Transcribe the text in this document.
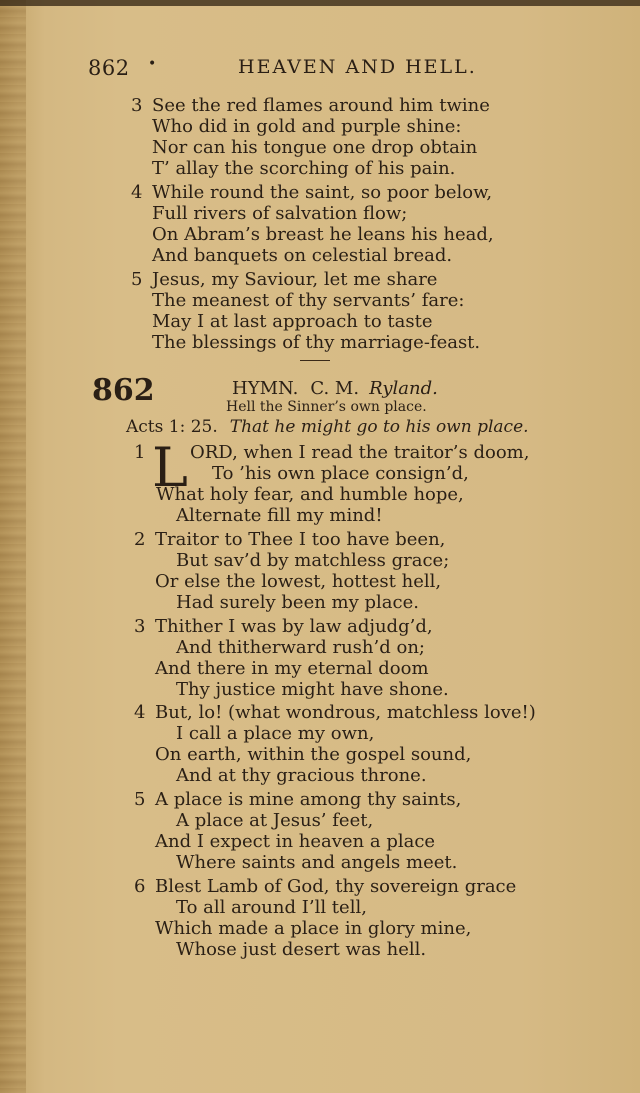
862 •	HEAVEN AND HELL.
3 See the red flames around him twine
Who did in gold and purple shine:
Nor can his tongue one drop obtain
T’ allay the scorching of his pain.
4 While round the saint, so poor below,
Full rivers of salvation flow;
On Abram’s breast he leans his head,
And banquets on celestial bread.
5 Jesus, my Saviour, let me share
The meanest of thy servants’ fare:
May I at last approach to taste
The blessings of thy marriage-feast.
862	HYMN. C. M. Ryland.
Hell the Sinner’s own place.
Acts 1: 25. That he might go to his own place.
1 L ORD, when I read the traitor’s doom,
To ’his own place consign’d,
What holy fear, and humble hope,
Alternate fill my mind!
2 Traitor to Thee I too have been,
But sav’d by matchless grace;
Or else the lowest, hottest hell,
Had surely been my place.
3 Thither I was by law adjudg’d,
And thitherward rush’d on;
And there in my eternal doom
Thy justice might have shone.
4 But, lo! (what wondrous, matchless love!)
I call a place my own,
On earth, within the gospel sound,
And at thy gracious throne.
5 A place is mine among thy saints,
A place at Jesus’ feet,
And I expect in heaven a place
Where saints and angels meet.
6 Blest Lamb of God, thy sovereign grace
To all around I’ll tell,
Which made a place in glory mine,
Whose just desert was hell.
